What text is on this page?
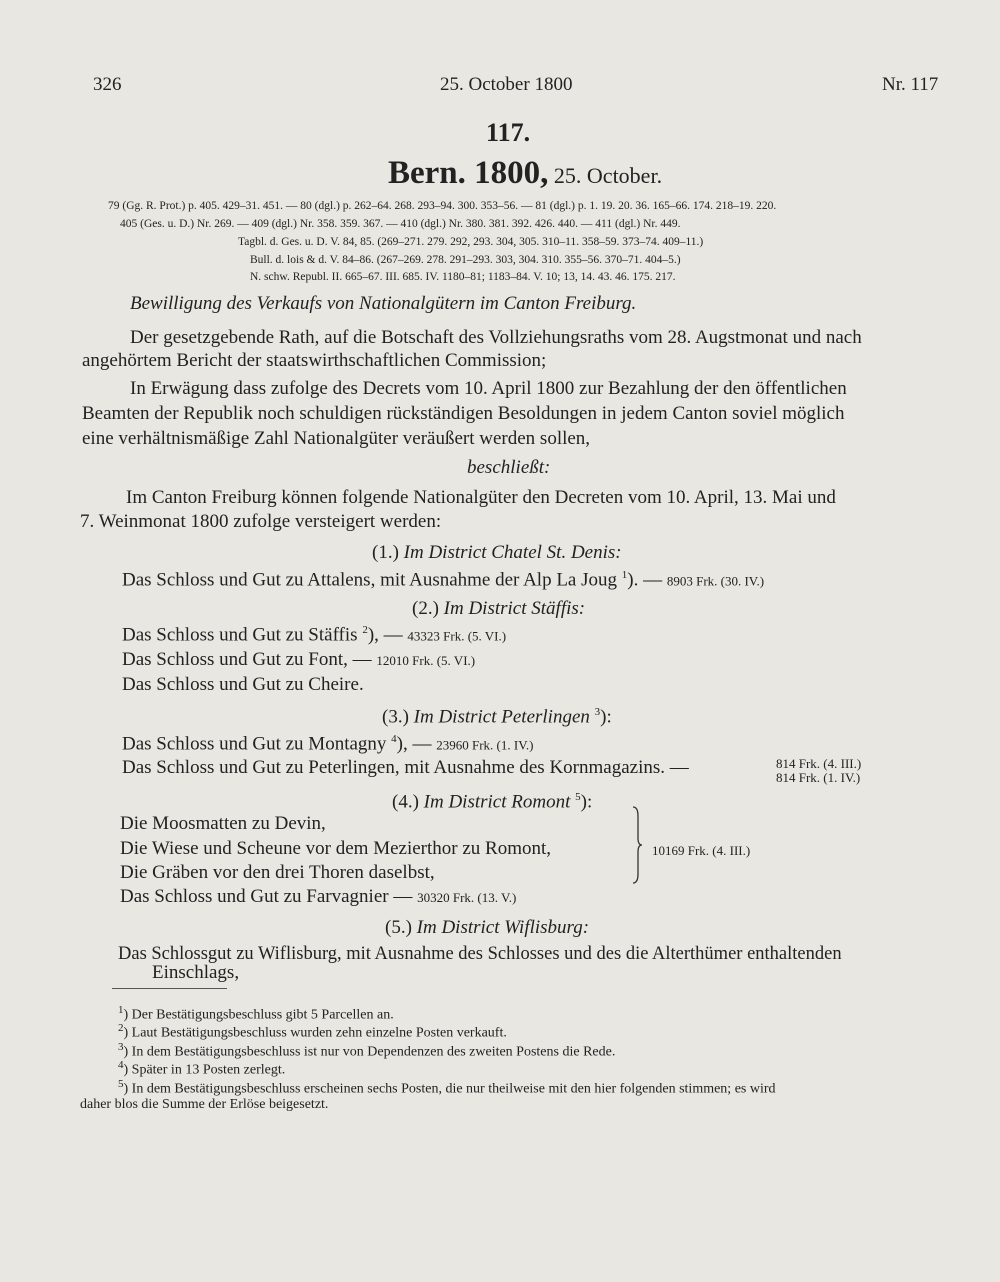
326	25. October 1800	Nr. 117
117.
Bern. 1800, 25. October.
79 (Gg. R. Prot.) p. 405. 429–31. 451. — 80 (dgl.) p. 262–64. 268. 293–94. 300. 353–56. — 81 (dgl.) p. 1. 19. 20. 36. 165–66. 174. 218–19. 220.
405 (Ges. u. D.) Nr. 269. — 409 (dgl.) Nr. 358. 359. 367. — 410 (dgl.) Nr. 380. 381. 392. 426. 440. — 411 (dgl.) Nr. 449.
Tagbl. d. Ges. u. D. V. 84, 85. (269–271. 279. 292, 293. 304, 305. 310–11. 358–59. 373–74. 409–11.)
Bull. d. lois & d. V. 84–86. (267–269. 278. 291–293. 303, 304. 310. 355–56. 370–71. 404–5.)
N. schw. Republ. II. 665–67. III. 685. IV. 1180–81; 1183–84. V. 10; 13, 14. 43. 46. 175. 217.
Bewilligung des Verkaufs von Nationalgütern im Canton Freiburg.
Der gesetzgebende Rath, auf die Botschaft des Vollziehungsraths vom 28. Augstmonat und nach
angehörtem Bericht der staatswirthschaftlichen Commission;
In Erwägung dass zufolge des Decrets vom 10. April 1800 zur Bezahlung der den öffentlichen
Beamten der Republik noch schuldigen rückständigen Besoldungen in jedem Canton soviel möglich
eine verhältnismäßige Zahl Nationalgüter veräußert werden sollen,
beschließt:
Im Canton Freiburg können folgende Nationalgüter den Decreten vom 10. April, 13. Mai und
7. Weinmonat 1800 zufolge versteigert werden:
(1.) Im District Chatel St. Denis:
Das Schloss und Gut zu Attalens, mit Ausnahme der Alp La Joug $^1$). — 8903 Frk. (30. IV.)
(2.) Im District Stäffis:
Das Schloss und Gut zu Stäffis $^2$), — 43323 Frk. (5. VI.)
Das Schloss und Gut zu Font, — 12010 Frk. (5. VI.)
Das Schloss und Gut zu Cheire.
(3.) Im District Peterlingen $^3$):
Das Schloss und Gut zu Montagny $^4$), — 23960 Frk. (1. IV.)
Das Schloss und Gut zu Peterlingen, mit Ausnahme des Kornmagazins. —	814 Frk. (4. III.)
814 Frk. (1. IV.)
(4.) Im District Romont $^5$):
Die Moosmatten zu Devin,
Die Wiese und Scheune vor dem Mezierthor zu Romont,
Die Gräben vor den drei Thoren daselbst,
10169 Frk. (4. III.)
Das Schloss und Gut zu Farvagnier — 30320 Frk. (13. V.)
(5.) Im District Wiflisburg:
Das Schlossgut zu Wiflisburg, mit Ausnahme des Schlosses und des die Alterthümer enthaltenden
Einschlags,
$^1$) Der Bestätigungsbeschluss gibt 5 Parcellen an.
$^2$) Laut Bestätigungsbeschluss wurden zehn einzelne Posten verkauft.
$^3$) In dem Bestätigungsbeschluss ist nur von Dependenzen des zweiten Postens die Rede.
$^4$) Später in 13 Posten zerlegt.
$^5$) In dem Bestätigungsbeschluss erscheinen sechs Posten, die nur theilweise mit den hier folgenden stimmen; es wird
daher blos die Summe der Erlöse beigesetzt.
